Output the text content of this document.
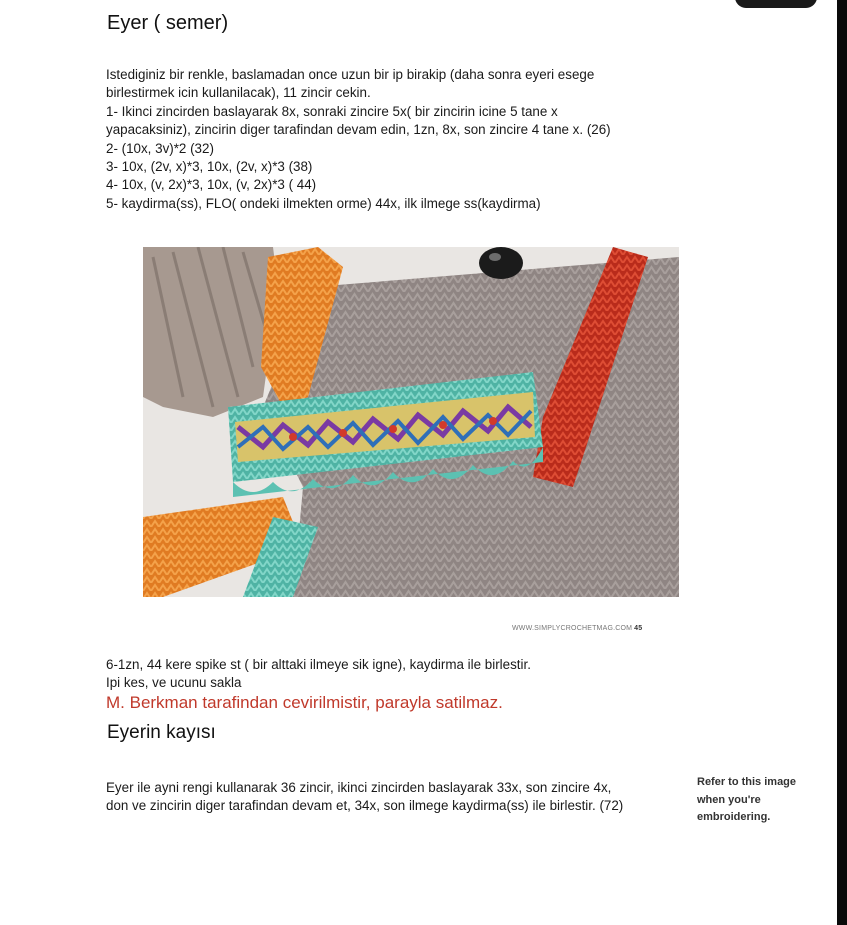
Eyer ( semer)
Istediginiz bir renkle, baslamadan once uzun bir ip birakip (daha sonra eyeri esege
birlestirmek icin kullanilacak), 11 zincir cekin.
1- Ikinci zincirden baslayarak 8x, sonraki zincire 5x( bir zincirin icine 5 tane x
yapacaksiniz), zincirin diger tarafindan devam edin, 1zn, 8x, son zincire 4 tane x. (26)
2- (10x, 3v)*2 (32)
3- 10x, (2v, x)*3, 10x, (2v, x)*3 (38)
4- 10x, (v, 2x)*3, 10x, (v, 2x)*3 ( 44)
5- kaydirma(ss), FLO( ondeki ilmekten orme) 44x, ilk ilmege ss(kaydirma)
Refer to this image
when you're
embroidering.
WWW.SIMPLYCROCHETMAG.COM 45
6-1zn, 44 kere spike st ( bir alttaki ilmeye sik igne), kaydirma ile birlestir.
Ipi kes, ve ucunu sakla
M. Berkman tarafindan cevirilmistir, parayla satilmaz.
Eyerin kayısı
Eyer ile ayni rengi kullanarak 36 zincir, ikinci zincirden baslayarak 33x, son zincire 4x,
don ve zincirin diger tarafindan devam et, 34x, son ilmege kaydirma(ss) ile birlestir. (72)
